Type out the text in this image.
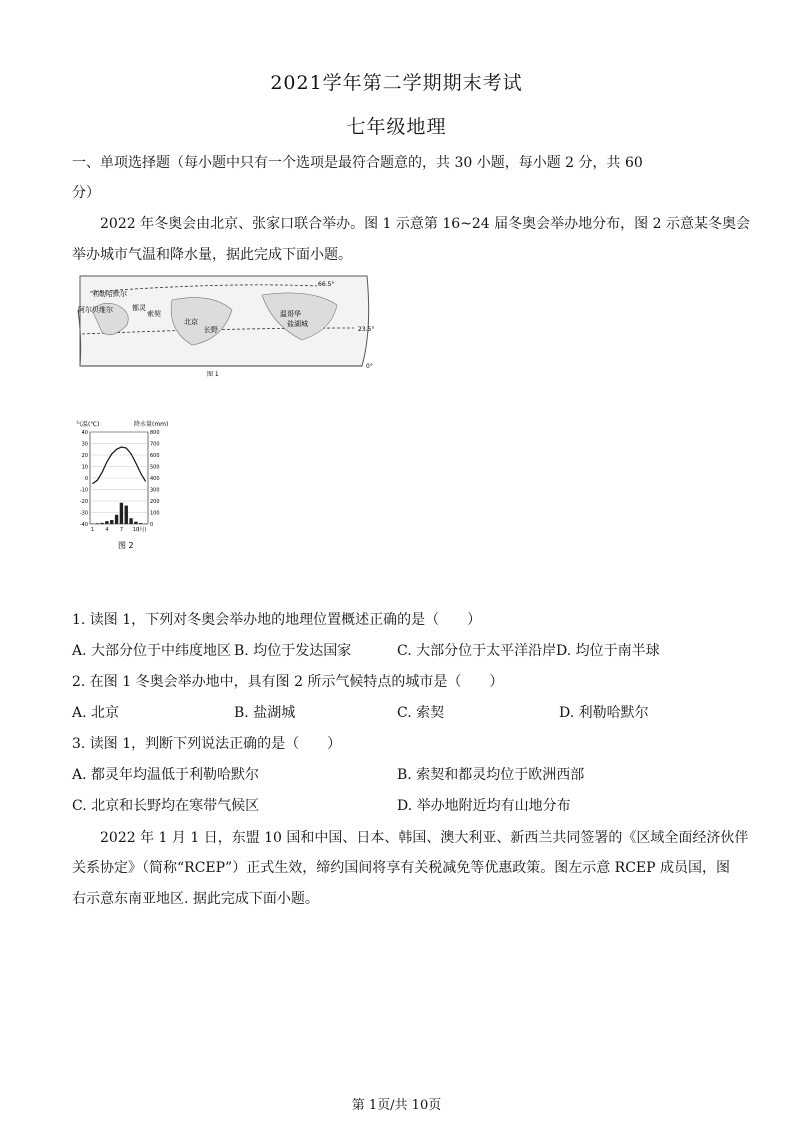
2021学年第二学期期末考试
七年级地理
一、单项选择题（每小题中只有一个选项是最符合题意的，共 30 小题，每小题 2 分，共 60
分）
2022 年冬奥会由北京、张家口联合举办。图 1 示意第 16~24 届冬奥会举办地分布，图 2 示意某冬奥会
举办城市气温和降水量，据此完成下面小题。
利勒哈默尔
阿尔贝维尔	都灵
索契
北京
长野
温哥华
盐湖城
66.5°
23.5°
0°
图 1
气温(℃)	降水量(mm)
40	800
30	700
20	600
10	500
0	400
-10	300
-20	200
-30	100
-40	0
1 4 7 10
(月)
图 2
1. 读图 1，下列对冬奥会举办地的地理位置概述正确的是（　　）
A. 大部分位于中纬度地区 B. 均位于发达国家	C. 大部分位于太平洋沿岸 D. 均位于南半球
2. 在图 1 冬奥会举办地中，具有图 2 所示气候特点的城市是（　　）
A. 北京	B. 盐湖城	C. 索契	D. 利勒哈默尔
3. 读图 1，判断下列说法正确的是（　　）
A. 都灵年均温低于利勒哈默尔	B. 索契和都灵均位于欧洲西部
C. 北京和长野均在寒带气候区	D. 举办地附近均有山地分布
2022 年 1 月 1 日，东盟 10 国和中国、日本、韩国、澳大利亚、新西兰共同签署的《区域全面经济伙伴
关系协定》（简称“RCEP”）正式生效，缔约国间将享有关税减免等优惠政策。图左示意 RCEP 成员国，图
右示意东南亚地区. 据此完成下面小题。
第 1页/共 10页
